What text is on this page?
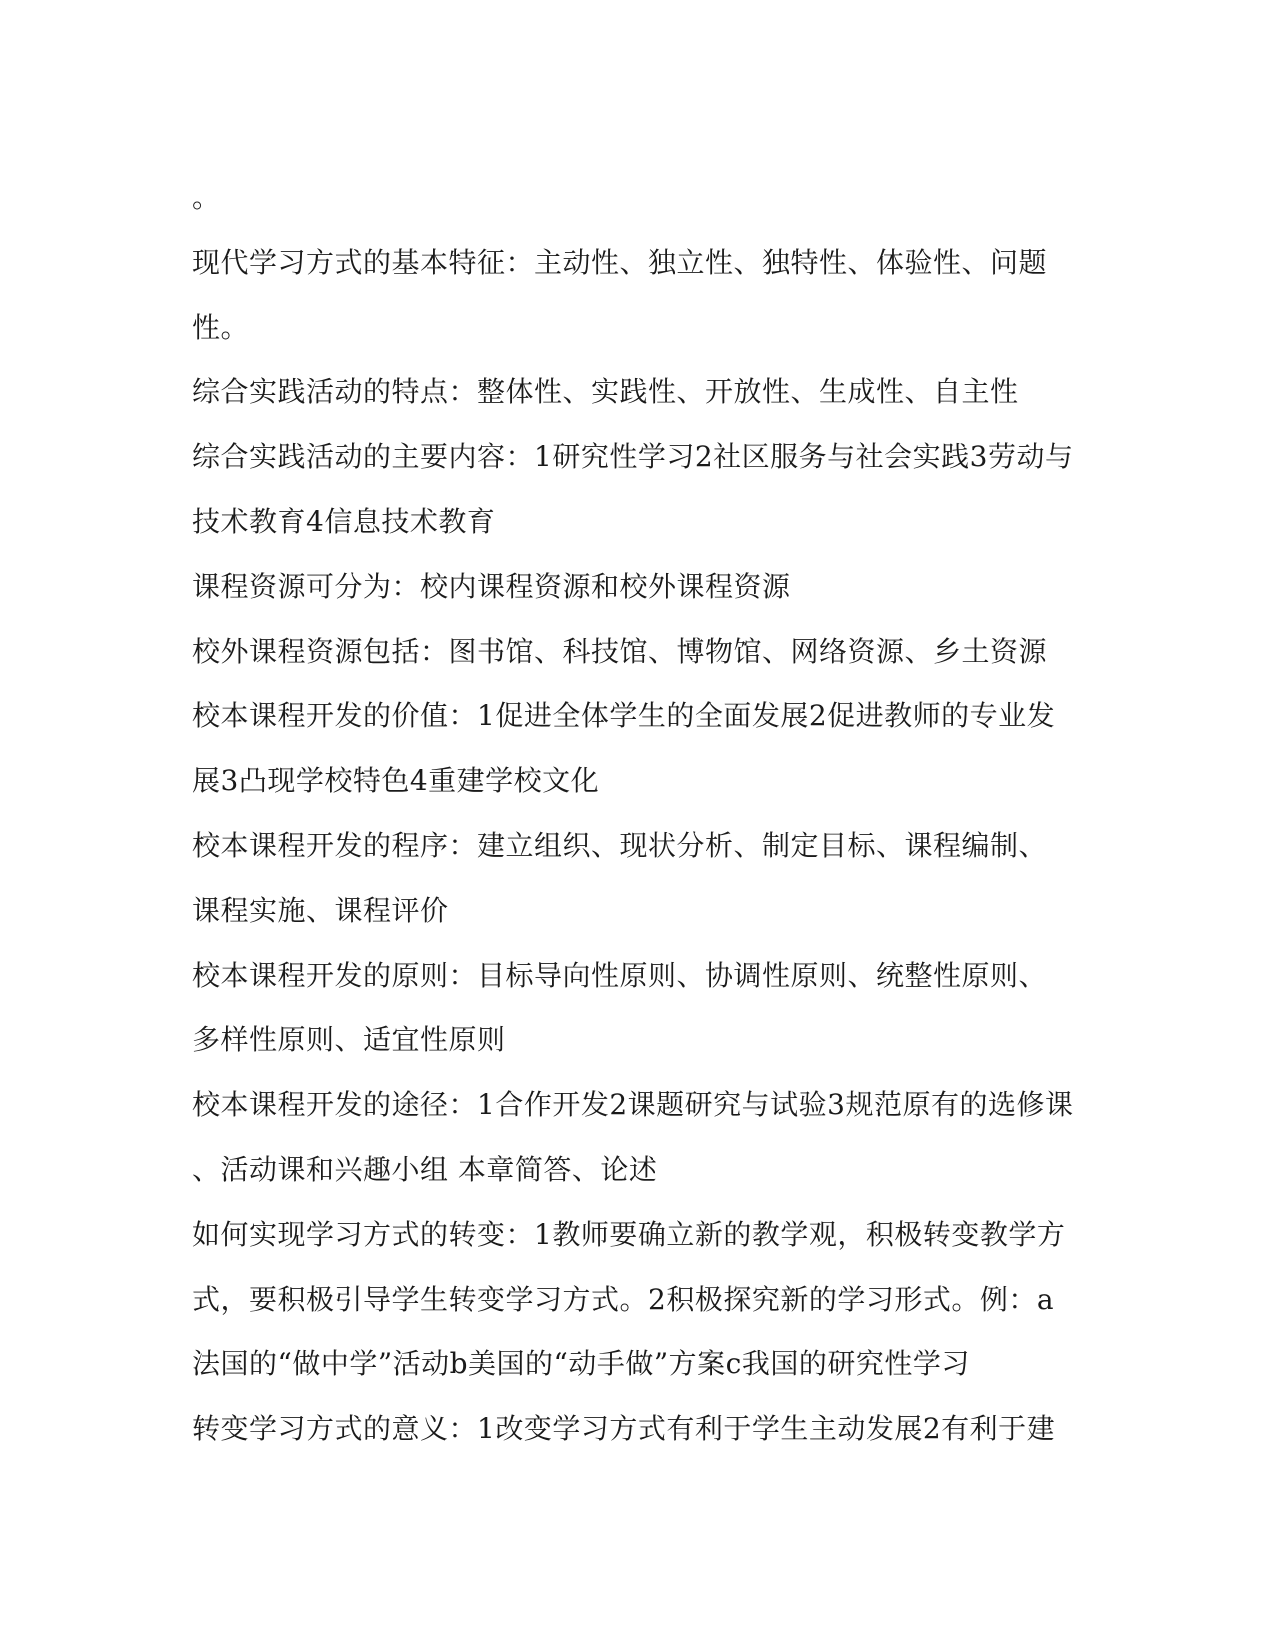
。
现代学习方式的基本特征：主动性、独立性、独特性、体验性、问题
性。
综合实践活动的特点：整体性、实践性、开放性、生成性、自主性
综合实践活动的主要内容：1研究性学习2社区服务与社会实践3劳动与
技术教育4信息技术教育
课程资源可分为：校内课程资源和校外课程资源
校外课程资源包括：图书馆、科技馆、博物馆、网络资源、乡土资源
校本课程开发的价值：1促进全体学生的全面发展2促进教师的专业发
展3凸现学校特色4重建学校文化
校本课程开发的程序：建立组织、现状分析、制定目标、课程编制、
课程实施、课程评价
校本课程开发的原则：目标导向性原则、协调性原则、统整性原则、
多样性原则、适宜性原则
校本课程开发的途径：1合作开发2课题研究与试验3规范原有的选修课
、活动课和兴趣小组 本章简答、论述
如何实现学习方式的转变：1教师要确立新的教学观，积极转变教学方
式，要积极引导学生转变学习方式。2积极探究新的学习形式。例：a
法国的“做中学”活动b美国的“动手做”方案c我国的研究性学习
转变学习方式的意义：1改变学习方式有利于学生主动发展2有利于建
